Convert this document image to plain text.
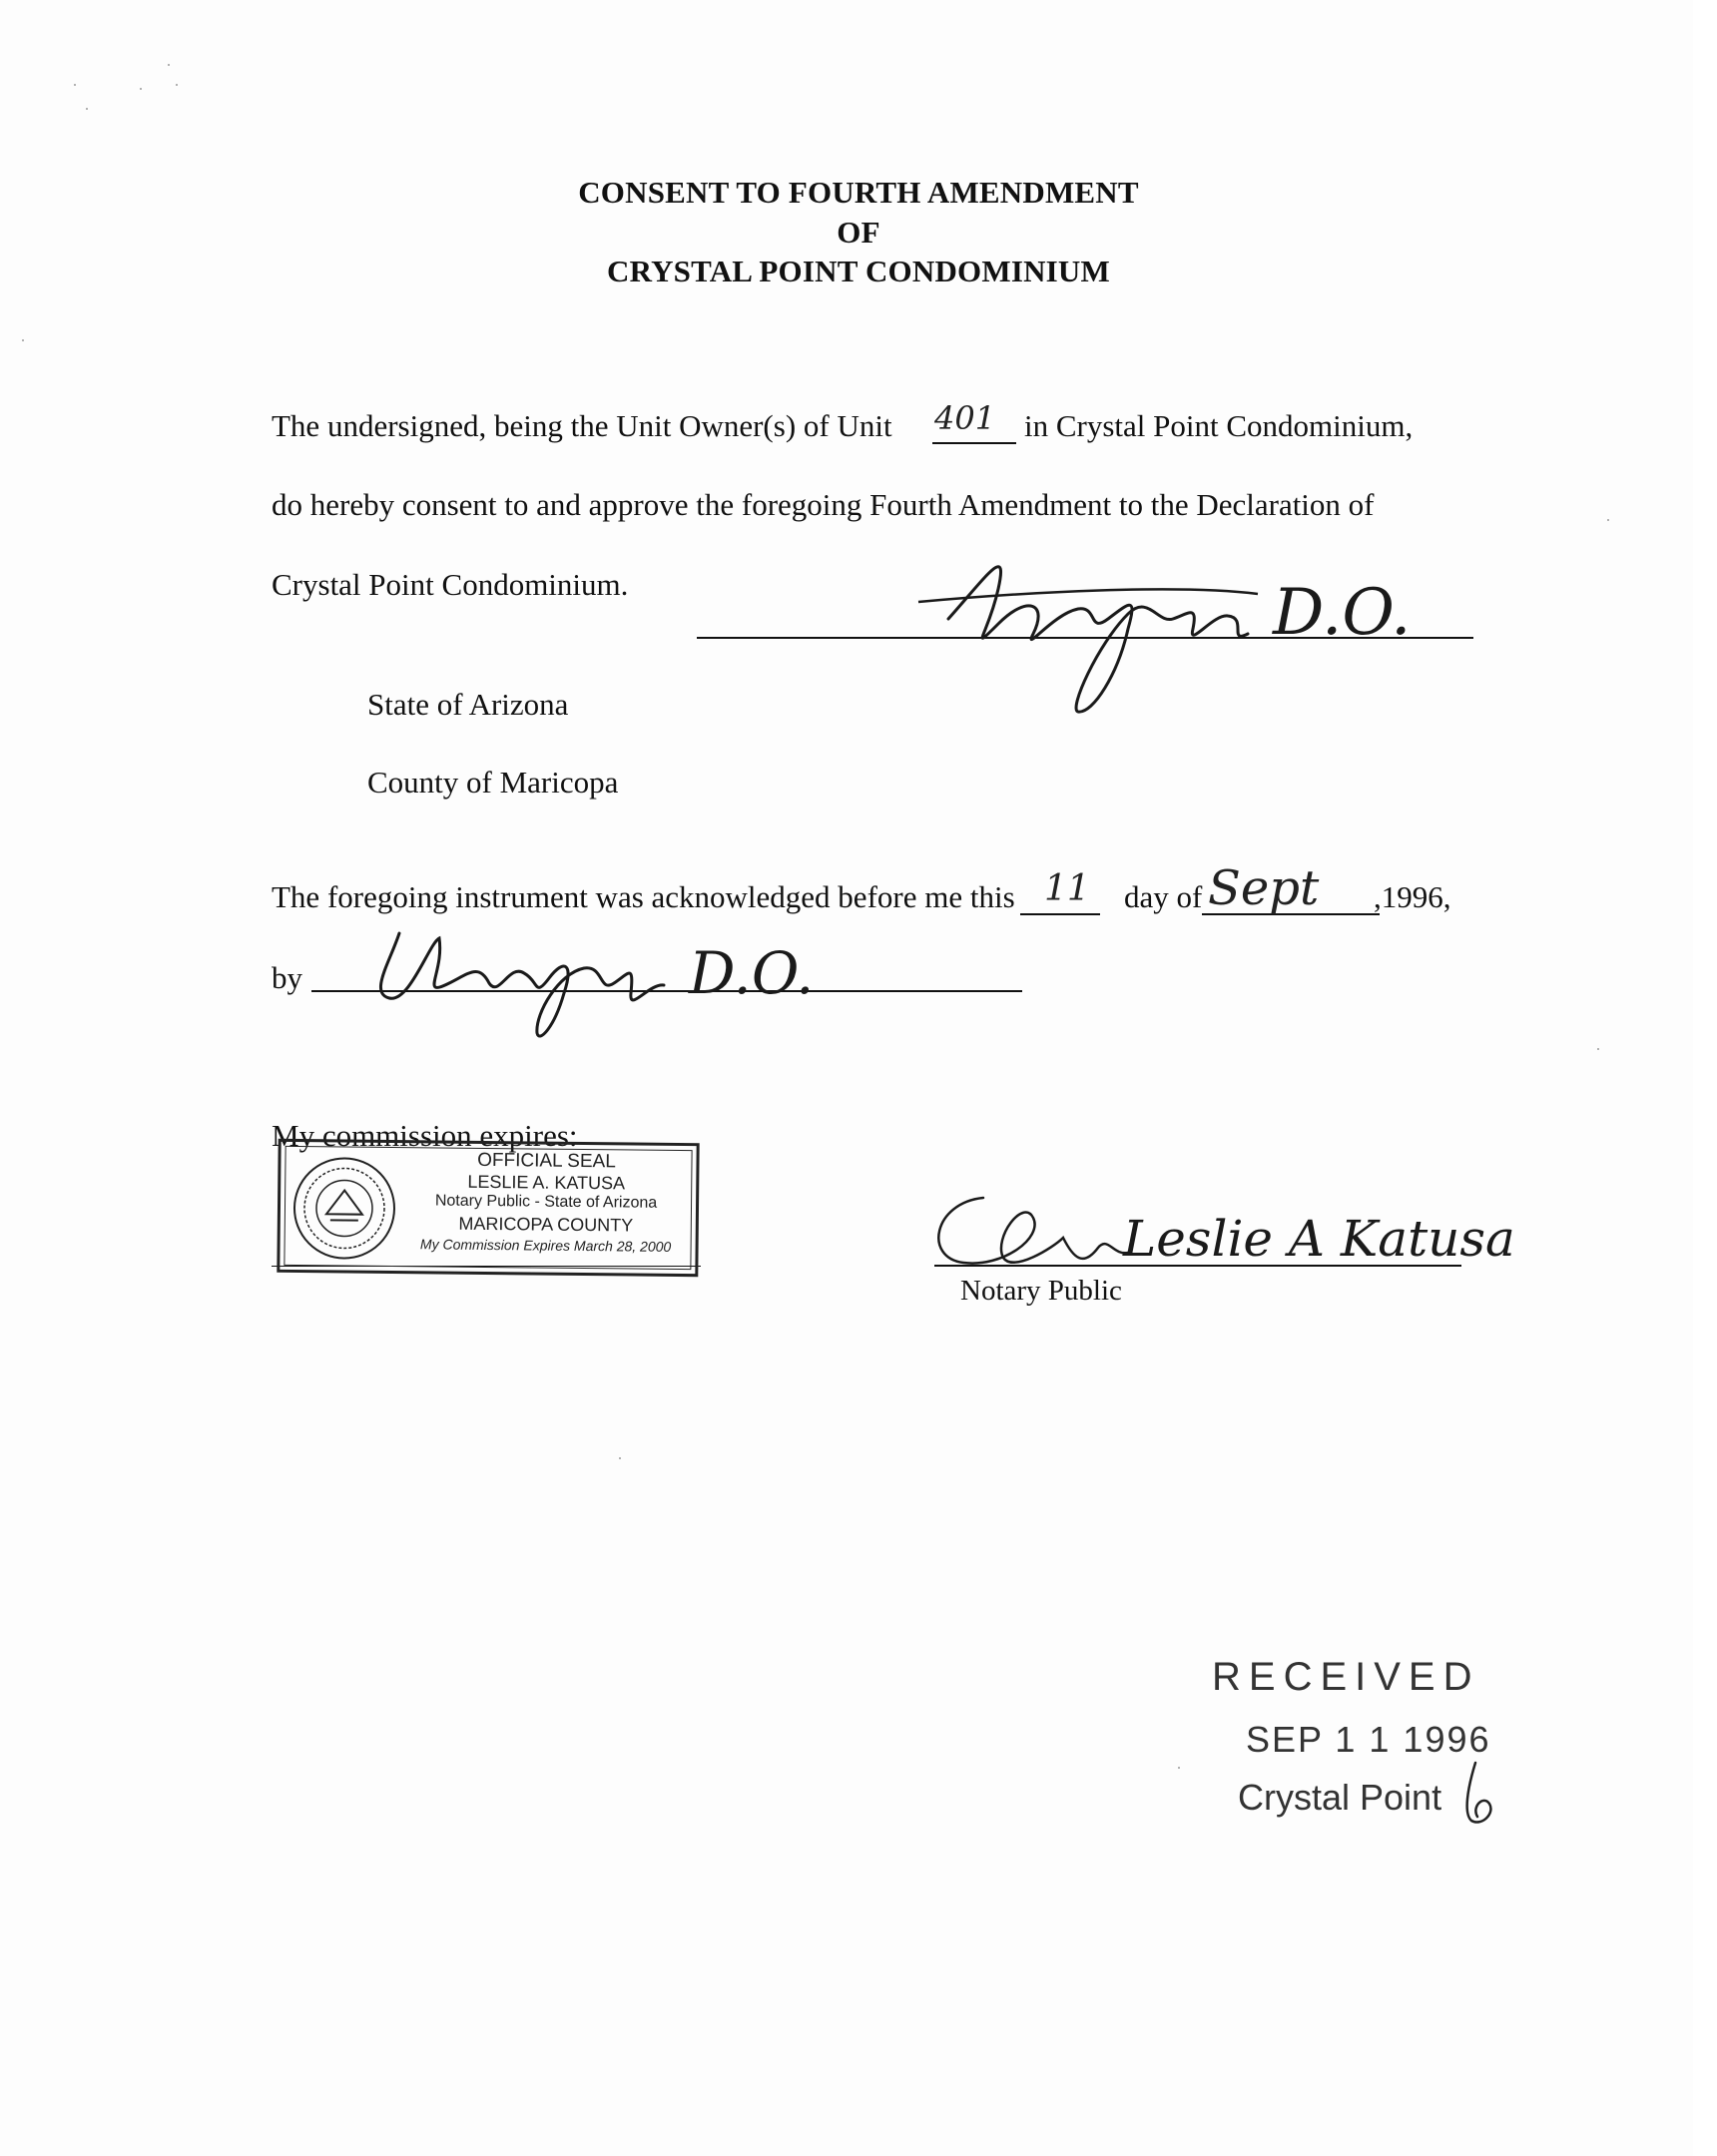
CONSENT TO FOURTH AMENDMENT
OF
CRYSTAL POINT CONDOMINIUM
The undersigned, being the Unit Owner(s) of Unit 401 in Crystal Point Condominium,
do hereby consent to and approve the foregoing Fourth Amendment to the Declaration of
Crystal Point Condominium.	D.O.
State of Arizona
County of Maricopa
The foregoing instrument was acknowledged before me this 11 day of Sept ,1996,
by	D.O.
My commission expires:
OFFICIAL SEAL
LESLIE A. KATUSA
Notary Public - State of Arizona
MARICOPA COUNTY
My Commission Expires March 28, 2000	Leslie A Katusa
Notary Public
RECEIVED
SEP 1 1 1996
Crystal Point
